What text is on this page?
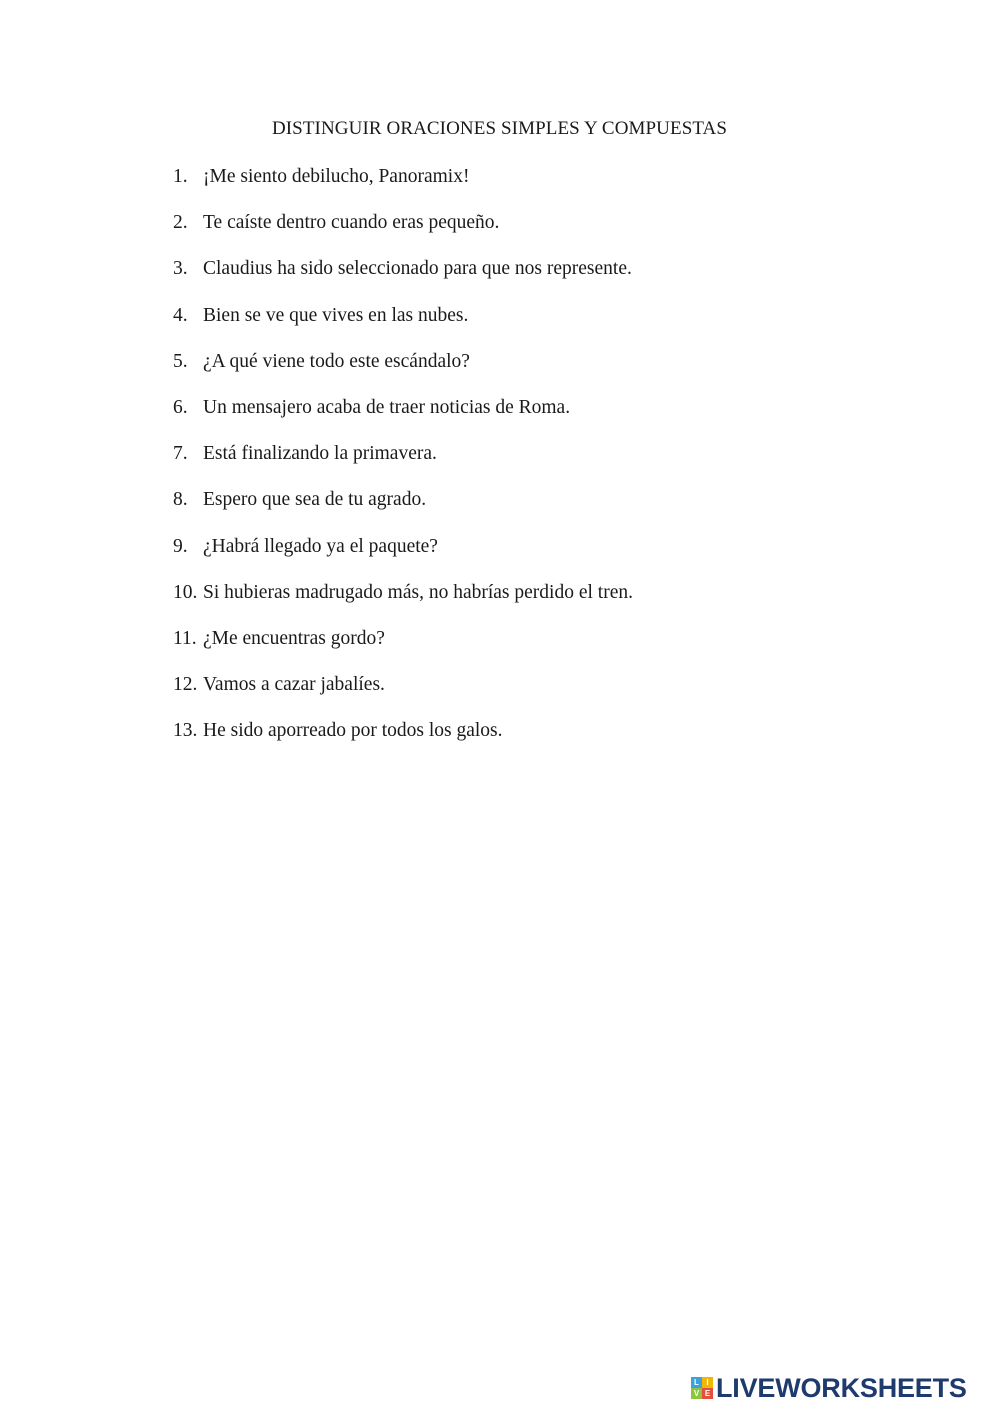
DISTINGUIR ORACIONES SIMPLES Y COMPUESTAS
1. ¡Me siento debilucho, Panoramix!
2. Te caíste dentro cuando eras pequeño.
3. Claudius ha sido seleccionado para que nos represente.
4. Bien se ve que vives en las nubes.
5. ¿A qué viene todo este escándalo?
6. Un mensajero acaba de traer noticias de Roma.
7. Está finalizando la primavera.
8. Espero que sea de tu agrado.
9. ¿Habrá llegado ya el paquete?
10. Si hubieras madrugado más, no habrías perdido el tren.
11. ¿Me encuentras gordo?
12. Vamos a cazar jabalíes.
13. He sido aporreado por todos los galos.
L I
V E LIVEWORKSHEETS
